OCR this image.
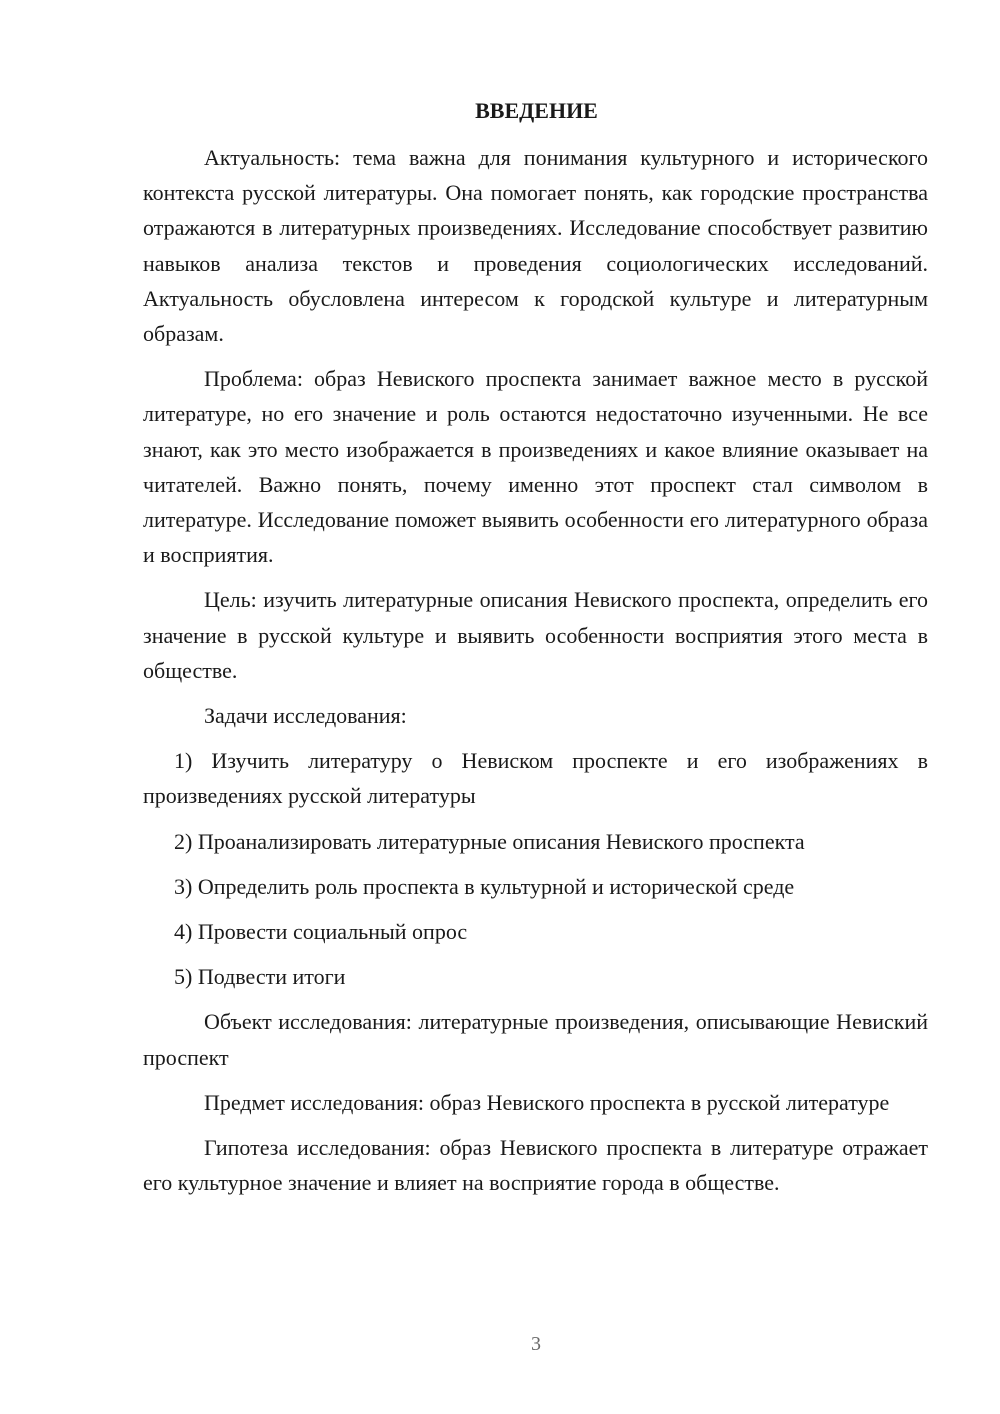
ВВЕДЕНИЕ

Актуальность: тема важна для понимания культурного и исторического контекста русской литературы. Она помогает понять, как городские пространства отражаются в литературных произведениях. Исследование способствует развитию навыков анализа текстов и проведения социологических исследований. Актуальность обусловлена интересом к городской культуре и литературным образам.

Проблема: образ Невиского проспекта занимает важное место в русской литературе, но его значение и роль остаются недостаточно изученными. Не все знают, как это место изображается в произведениях и какое влияние оказывает на читателей. Важно понять, почему именно этот проспект стал символом в литературе. Исследование поможет выявить особенности его литературного образа и восприятия.

Цель: изучить литературные описания Невиского проспекта, определить его значение в русской культуре и выявить особенности восприятия этого места в обществе.

Задачи исследования:

1) Изучить литературу о Невиском проспекте и его изображениях в произведениях русской литературы

2) Проанализировать литературные описания Невиского проспекта

3) Определить роль проспекта в культурной и исторической среде

4) Провести социальный опрос

5) Подвести итоги

Объект исследования: литературные произведения, описывающие Невиский проспект

Предмет исследования: образ Невиского проспекта в русской литературе

Гипотеза исследования: образ Невиского проспекта в литературе отражает его культурное значение и влияет на восприятие города в обществе.

3
